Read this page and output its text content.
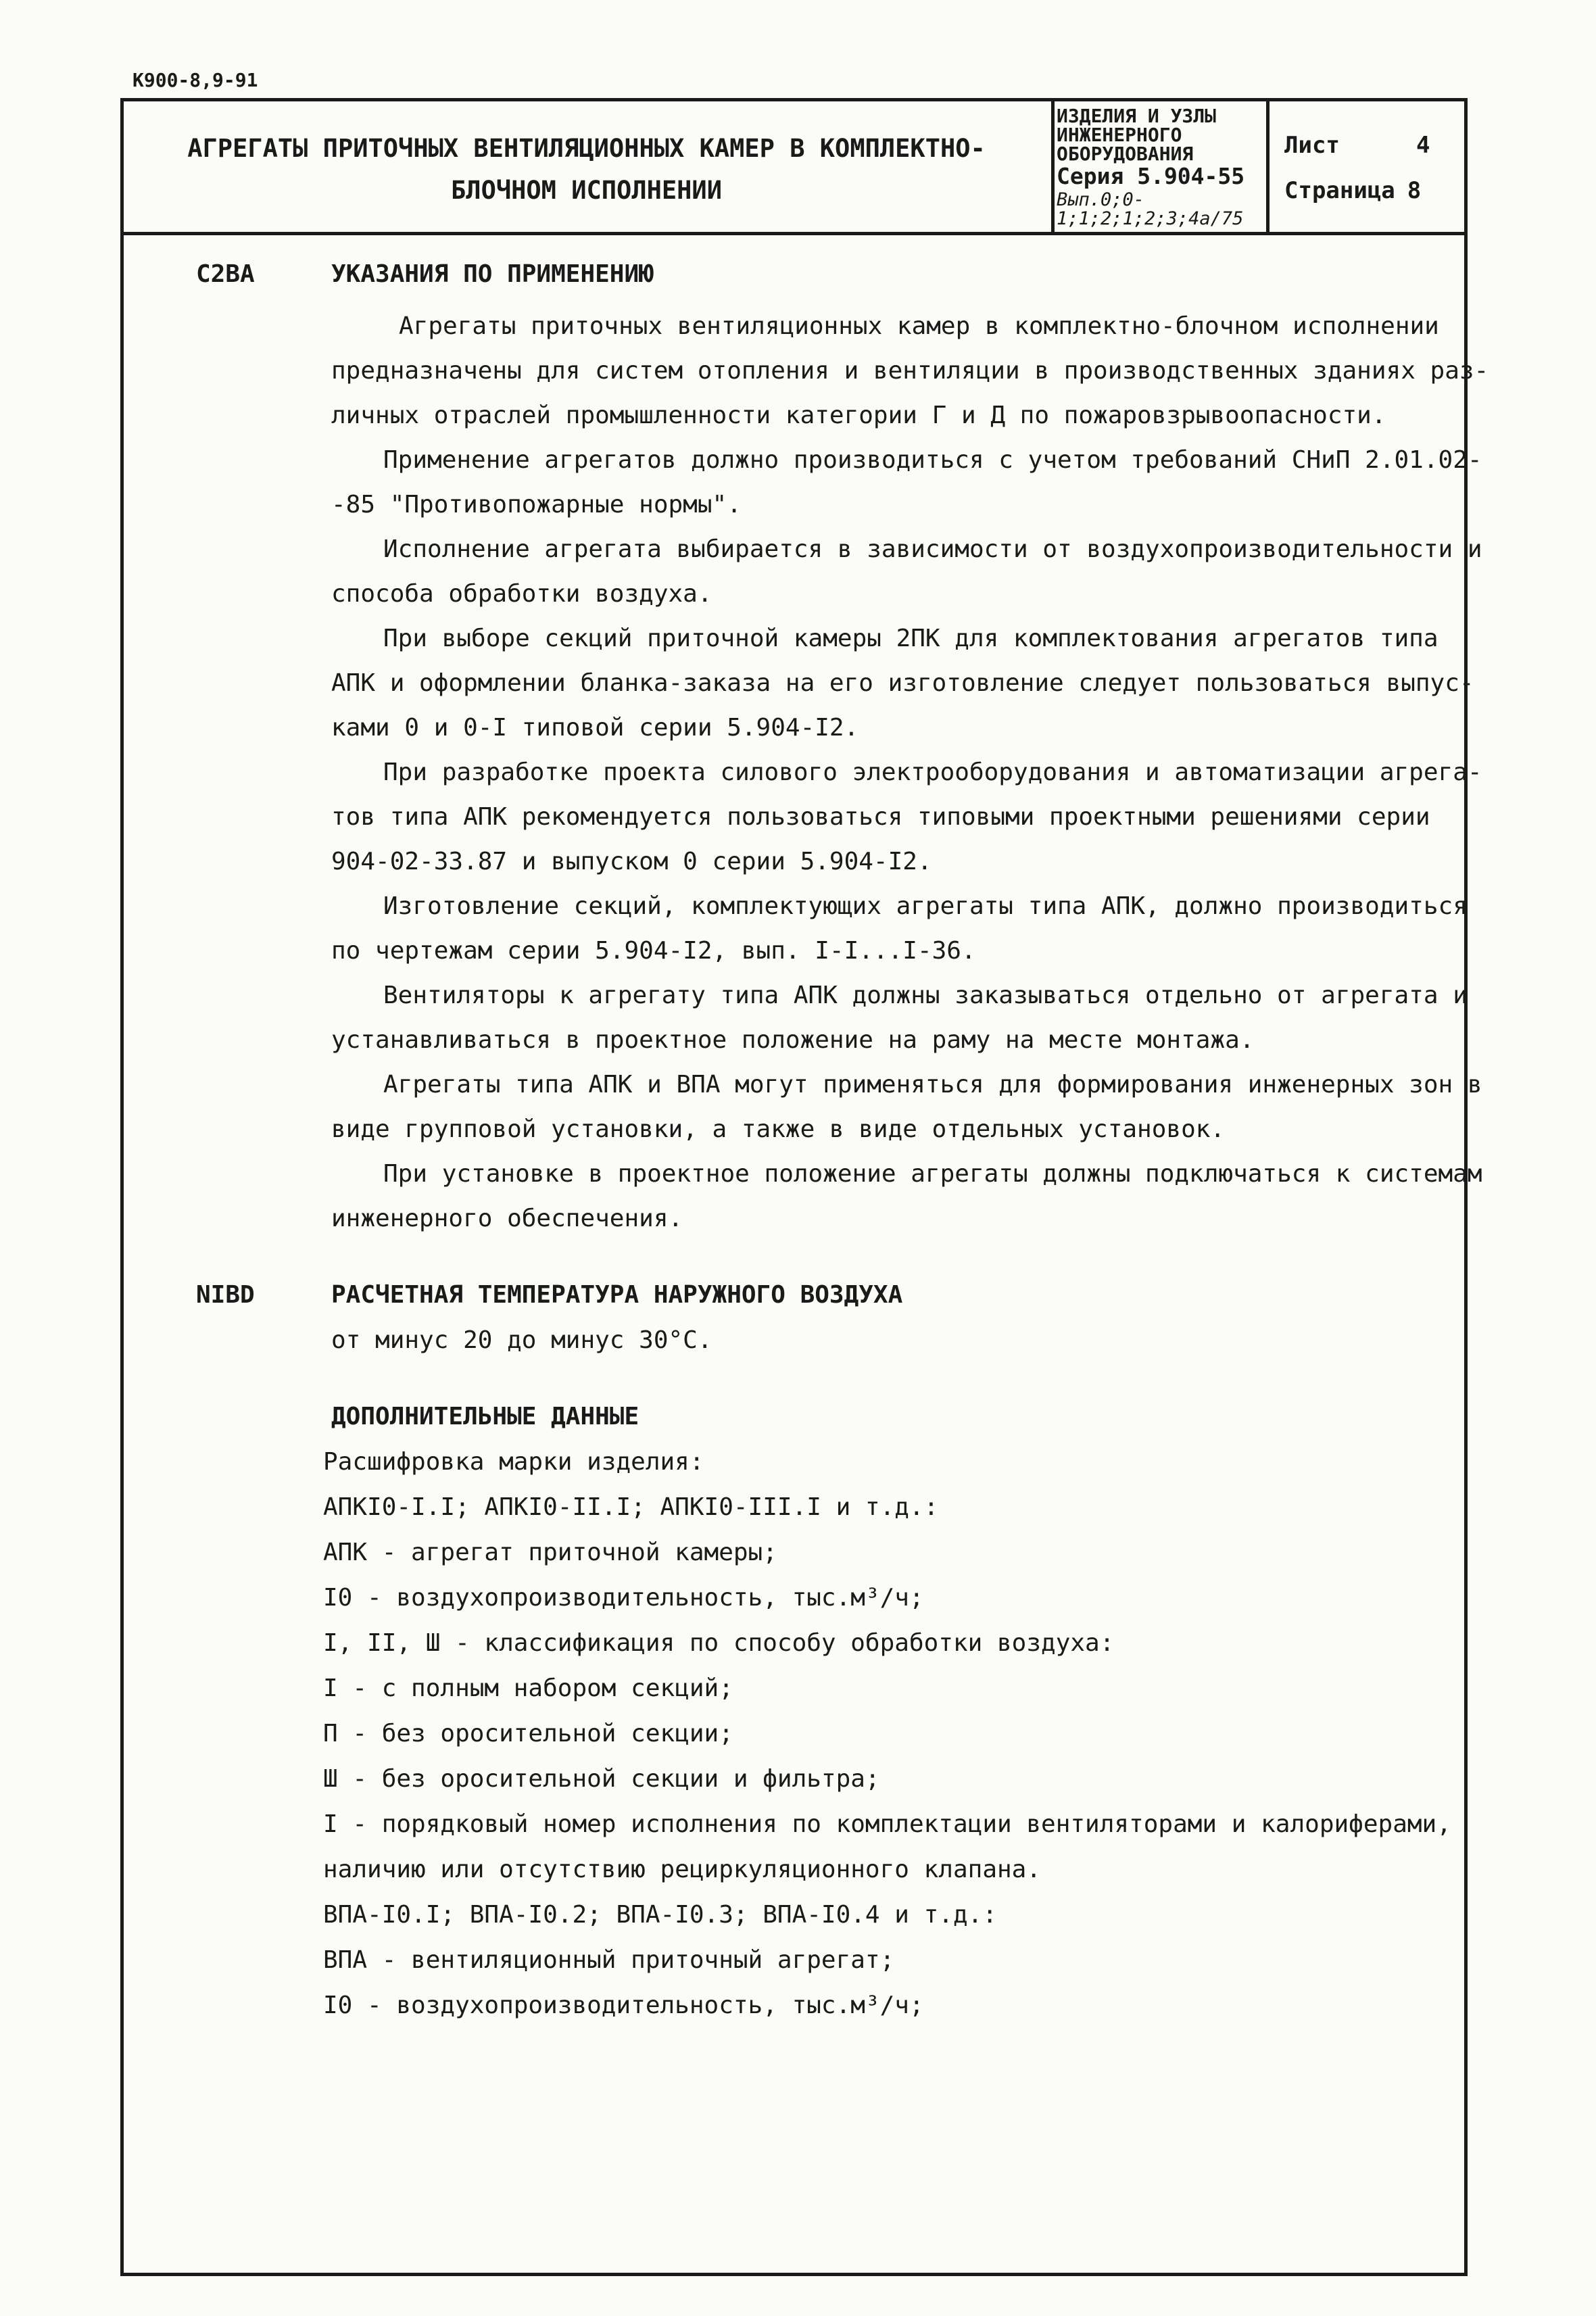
К900-8,9-91
АГРЕГАТЫ ПРИТОЧНЫХ ВЕНТИЛЯЦИОННЫХ КАМЕР В КОМПЛЕКТНО-
БЛОЧНОМ ИСПОЛНЕНИИ
ИЗДЕЛИЯ И УЗЛЫ
ИНЖЕНЕРНОГО
ОБОРУДОВАНИЯ
Серия 5.904-55
Вып.0;0-1;1;2;1;2;3;4а/75
Лист	4
Страница 8
C2BA	УКАЗАНИЯ ПО ПРИМЕНЕНИЮ
Агрегаты приточных вентиляционных камер в комплектно-блочном исполнении
предназначены для систем отопления и вентиляции в производственных зданиях раз-
личных отраслей промышленности категории Г и Д по пожаровзрывоопасности.
Применение агрегатов должно производиться с учетом требований СНиП 2.01.02-
-85 "Противопожарные нормы".
Исполнение агрегата выбирается в зависимости от воздухопроизводительности и
способа обработки воздуха.
При выборе секций приточной камеры 2ПК для комплектования агрегатов типа
АПК и оформлении бланка-заказа на его изготовление следует пользоваться выпус-
ками 0 и 0-I типовой серии 5.904-I2.
При разработке проекта силового электрооборудования и автоматизации агрега-
тов типа АПК рекомендуется пользоваться типовыми проектными решениями серии
904-02-33.87 и выпуском 0 серии 5.904-I2.
Изготовление секций, комплектующих агрегаты типа АПК, должно производиться
по чертежам серии 5.904-I2, вып. I-I...I-36.
Вентиляторы к агрегату типа АПК должны заказываться отдельно от агрегата и
устанавливаться в проектное положение на раму на месте монтажа.
Агрегаты типа АПК и ВПА могут применяться для формирования инженерных зон в
виде групповой установки, а также в виде отдельных установок.
При установке в проектное положение агрегаты должны подключаться к системам
инженерного обеспечения.
NIBD	РАСЧЕТНАЯ ТЕМПЕРАТУРА НАРУЖНОГО ВОЗДУХА
от минус 20 до минус 30°С.
ДОПОЛНИТЕЛЬНЫЕ ДАННЫЕ
Расшифровка марки изделия:
АПКI0-I.I; АПКI0-II.I; АПКI0-III.I и т.д.:
АПК - агрегат приточной камеры;
I0 - воздухопроизводительность, тыс.м³/ч;
I, II, Ш - классификация по способу обработки воздуха:
I - с полным набором секций;
П - без оросительной секции;
Ш - без оросительной секции и фильтра;
I - порядковый номер исполнения по комплектации вентиляторами и калориферами,
наличию или отсутствию рециркуляционного клапана.
ВПА-I0.I; ВПА-I0.2; ВПА-I0.3; ВПА-I0.4 и т.д.:
ВПА - вентиляционный приточный агрегат;
I0 - воздухопроизводительность, тыс.м³/ч;
